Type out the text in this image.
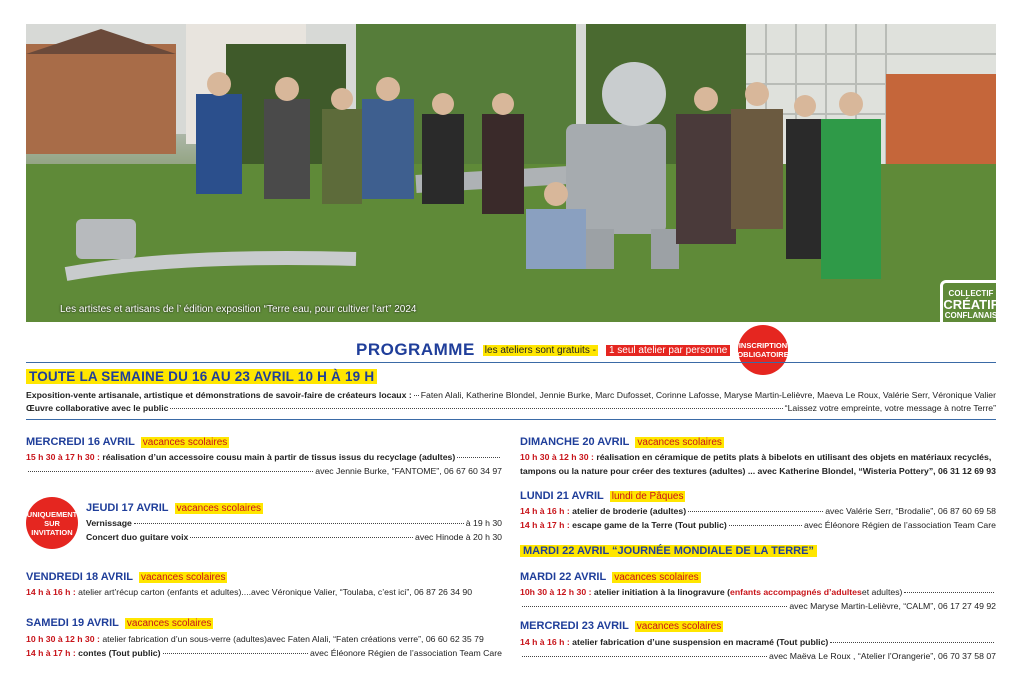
Les artistes et artisans de l’ édition exposition “Terre eau, pour cultiver l’art” 2024
© Ville de Conflans-Sainte-Honorine
COLLECTIF
CRÉATIF
CONFLANAIS
PROGRAMME les ateliers sont gratuits -	1 seul atelier par personne	INSCRIPTION OBLIGATOIRE
TOUTE LA SEMAINE DU 16 AU 23 AVRIL 10 H À 19 H
Exposition-vente artisanale, artistique et démonstrations de savoir-faire de créateurs locaux : Faten Alali, Katherine Blondel, Jennie Burke, Marc Dufosset, Corinne Lafosse, Maryse Martin-Lelièvre, Maeva Le Roux, Valérie Serr, Véronique Valier
Œuvre collaborative avec le public	“Laissez votre empreinte, votre message à notre Terre”
MERCREDI 16 AVRIL vacances scolaires
15 h 30 à 17 h 30 :
réalisation d’un accessoire cousu main à partir de tissus issus du recyclage (adultes)
avec Jennie Burke, “FANTOME”, 06 67 60 34 97
UNIQUEMENT SUR INVITATION
JEUDI 17 AVRIL vacances scolaires
Vernissage	à 19 h 30
Concert duo guitare voix	avec Hinode à 20 h 30
VENDREDI 18 AVRIL vacances scolaires
14 h à 16 h :
atelier art’récup carton (enfants et adultes)....avec Véronique Valier, “Toulaba, c’est ici”, 06 87 26 34 90
SAMEDI 19 AVRIL vacances scolaires
10 h 30 à 12 h 30 :
atelier fabrication d’un sous-verre (adultes)avec Faten Alali, “Faten créations verre”, 06 60 62 35 79
14 h à 17 h :
contes (Tout public)	avec Éléonore Régien de l’association Team Care
DIMANCHE 20 AVRIL vacances scolaires
10 h 30 à 12 h 30 :
réalisation en céramique de petits plats à bibelots en utilisant des objets en matériaux recyclés,
tampons ou la nature pour créer des textures (adultes) ... avec Katherine Blondel, “Wisteria Pottery”, 06 31 12 69 93
LUNDI 21 AVRIL lundi de Pâques
14 h à 16 h :
atelier de broderie (adultes)	avec Valérie Serr, “Brodalie”, 06 87 60 69 58
14 h à 17 h :
escape game de la Terre (Tout public)	avec Éléonore Régien de l’association Team Care
MARDI 22 AVRIL “JOURNÉE MONDIALE DE LA TERRE”
MARDI 22 AVRIL vacances scolaires
10h 30 à 12 h 30 :
atelier initiation à la linogravure ( enfants accompagnés d’adultes et adultes)
avec Maryse Martin-Lelièvre, “CALM”, 06 17 27 49 92
MERCREDI 23 AVRIL vacances scolaires
14 h à 16 h :
atelier fabrication d’une suspension en macramé (Tout public)
avec Maëva Le Roux , “Atelier l’Orangerie”, 06 70 37 58 07
